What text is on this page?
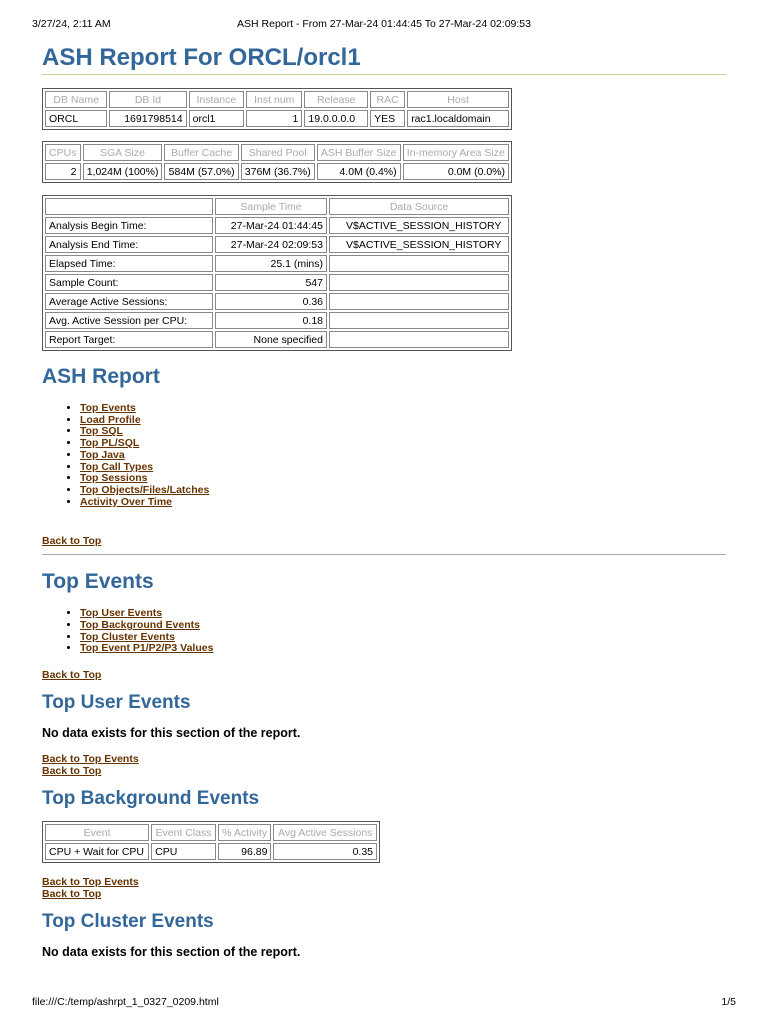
3/27/24, 2:11 AM	ASH Report - From 27-Mar-24 01:44:45 To 27-Mar-24 02:09:53
ASH Report For ORCL/orcl1
DB Name	DB Id	Instance	Inst num	Release	RAC	Host
ORCL	1691798514	orcl1	1	19.0.0.0.0	YES	rac1.localdomain
CPUs	SGA Size	Buffer Cache	Shared Pool	ASH Buffer Size	In-memory Area Size
2	1,024M (100%)	584M (57.0%)	376M (36.7%)	4.0M (0.4%)	0.0M (0.0%)
	Sample Time	Data Source
Analysis Begin Time:	27-Mar-24 01:44:45	V$ACTIVE_SESSION_HISTORY
Analysis End Time:	27-Mar-24 02:09:53	V$ACTIVE_SESSION_HISTORY
Elapsed Time:	25.1 (mins)	
Sample Count:	547	
Average Active Sessions:	0.36	
Avg. Active Session per CPU:	0.18	
Report Target:	None specified	
ASH Report
• Top Events
• Load Profile
• Top SQL
• Top PL/SQL
• Top Java
• Top Call Types
• Top Sessions
• Top Objects/Files/Latches
• Activity Over Time
Back to Top
Top Events
• Top User Events
• Top Background Events
• Top Cluster Events
• Top Event P1/P2/P3 Values
Back to Top
Top User Events
No data exists for this section of the report.
Back to Top Events
Back to Top
Top Background Events
Event	Event Class	% Activity	Avg Active Sessions
CPU + Wait for CPU	CPU	96.89	0.35
Back to Top Events
Back to Top
Top Cluster Events
No data exists for this section of the report.
file:///C:/temp/ashrpt_1_0327_0209.html	1/5
